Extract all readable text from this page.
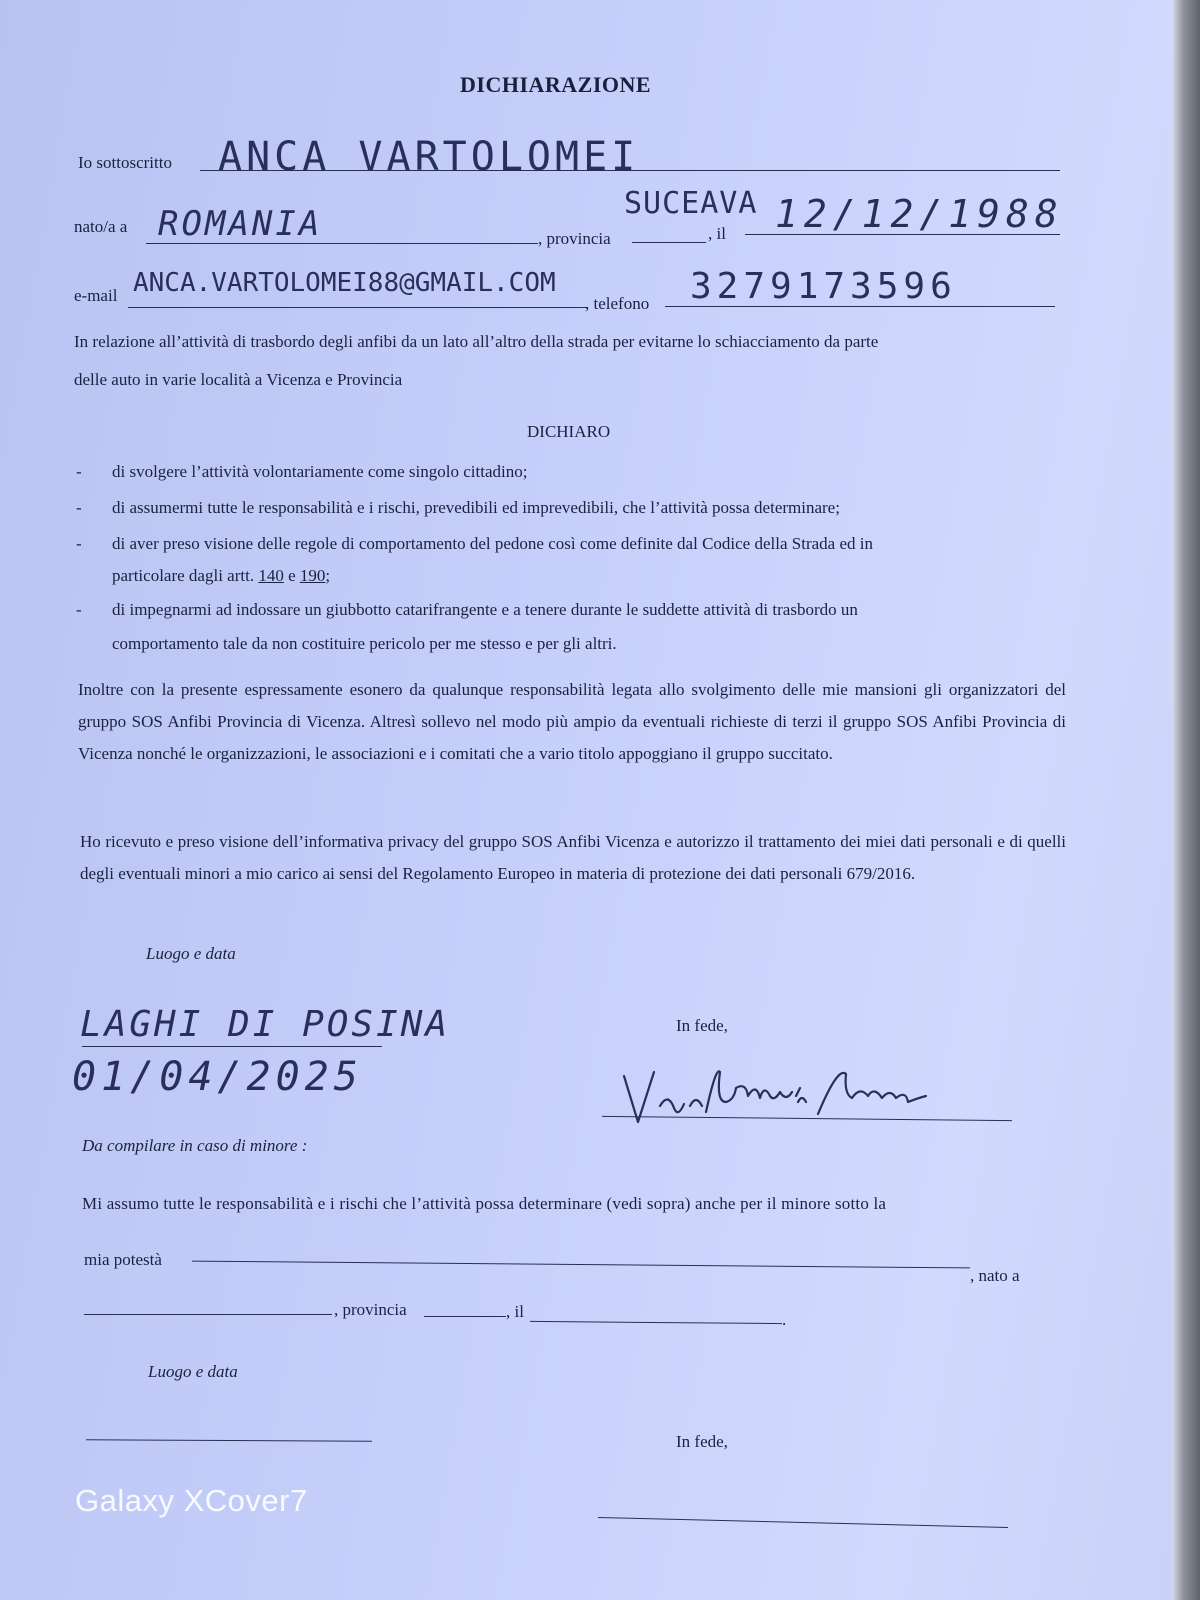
DICHIARAZIONE
Io sottoscritto ANCA VARTOLOMEI
nato/a a ROMANIA	, provincia
SUCEAVA
, il 12/12/1988
e-mail ANCA.VARTOLOMEI88@GMAIL.COM
, telefono 3279173596
In relazione all’attività di trasbordo degli anfibi da un lato all’altro della strada per evitarne lo schiacciamento da parte
delle auto in varie località a Vicenza e Provincia
DICHIARO
- di svolgere l’attività volontariamente come singolo cittadino;
- di assumermi tutte le responsabilità e i rischi, prevedibili ed imprevedibili, che l’attività possa determinare;
- di aver preso visione delle regole di comportamento del pedone così come definite dal Codice della Strada ed in
particolare dagli artt. 140 e 190;
- di impegnarmi ad indossare un giubbotto catarifrangente e a tenere durante le suddette attività di trasbordo un
comportamento tale da non costituire pericolo per me stesso e per gli altri.
Inoltre con la presente espressamente esonero da qualunque responsabilità legata allo svolgimento delle mie mansioni gli organizzatori del gruppo SOS Anfibi Provincia di Vicenza. Altresì sollevo nel modo più ampio da eventuali richieste di terzi il gruppo SOS Anfibi Provincia di Vicenza nonché le organizzazioni, le associazioni e i comitati che a vario titolo appoggiano il gruppo succitato.
Ho ricevuto e preso visione dell’informativa privacy del gruppo SOS Anfibi Vicenza e autorizzo il trattamento dei miei dati personali e di quelli degli eventuali minori a mio carico ai sensi del Regolamento Europeo in materia di protezione dei dati personali 679/2016.
Luogo e data
LAGHI DI POSINA
01/04/2025
In fede,
Vartolomei Anca
Da compilare in caso di minore :
Mi assumo tutte le responsabilità e i rischi che l’attività possa determinare (vedi sopra) anche per il minore sotto la
mia potestà
, nato a
, provincia	, il	.
Luogo e data
In fede,
Galaxy XCover7
